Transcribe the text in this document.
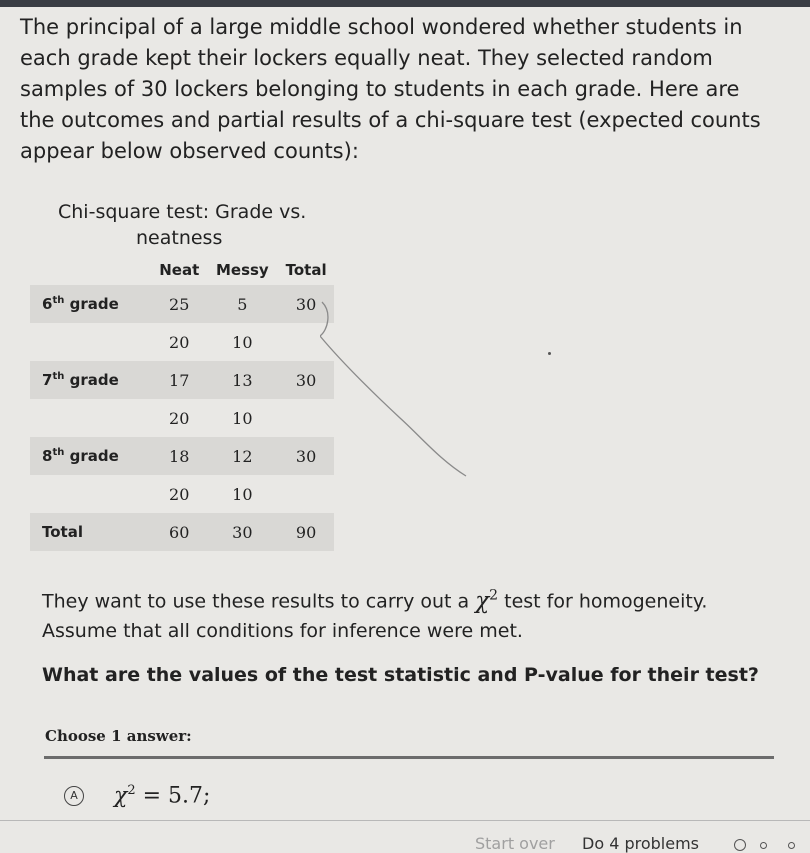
The principal of a large middle school wondered whether students in each grade kept their lockers equally neat. They selected random samples of 30 lockers belonging to students in each grade. Here are the outcomes and partial results of a chi-square test (expected counts appear below observed counts):
Chi-square test: Grade vs.
neatness
	Neat	Messy	Total
6th grade	25	5	30
	20	10	
7th grade	17	13	30
	20	10	
8th grade	18	12	30
	20	10	
Total	60	30	90
They want to use these results to carry out a $\chi^2$ test for homogeneity.
Assume that all conditions for inference were met.
What are the values of the test statistic and P-value for their test?
Choose 1 answer:
A $\chi^2 = 5.7$;
Start over Do 4 problems
